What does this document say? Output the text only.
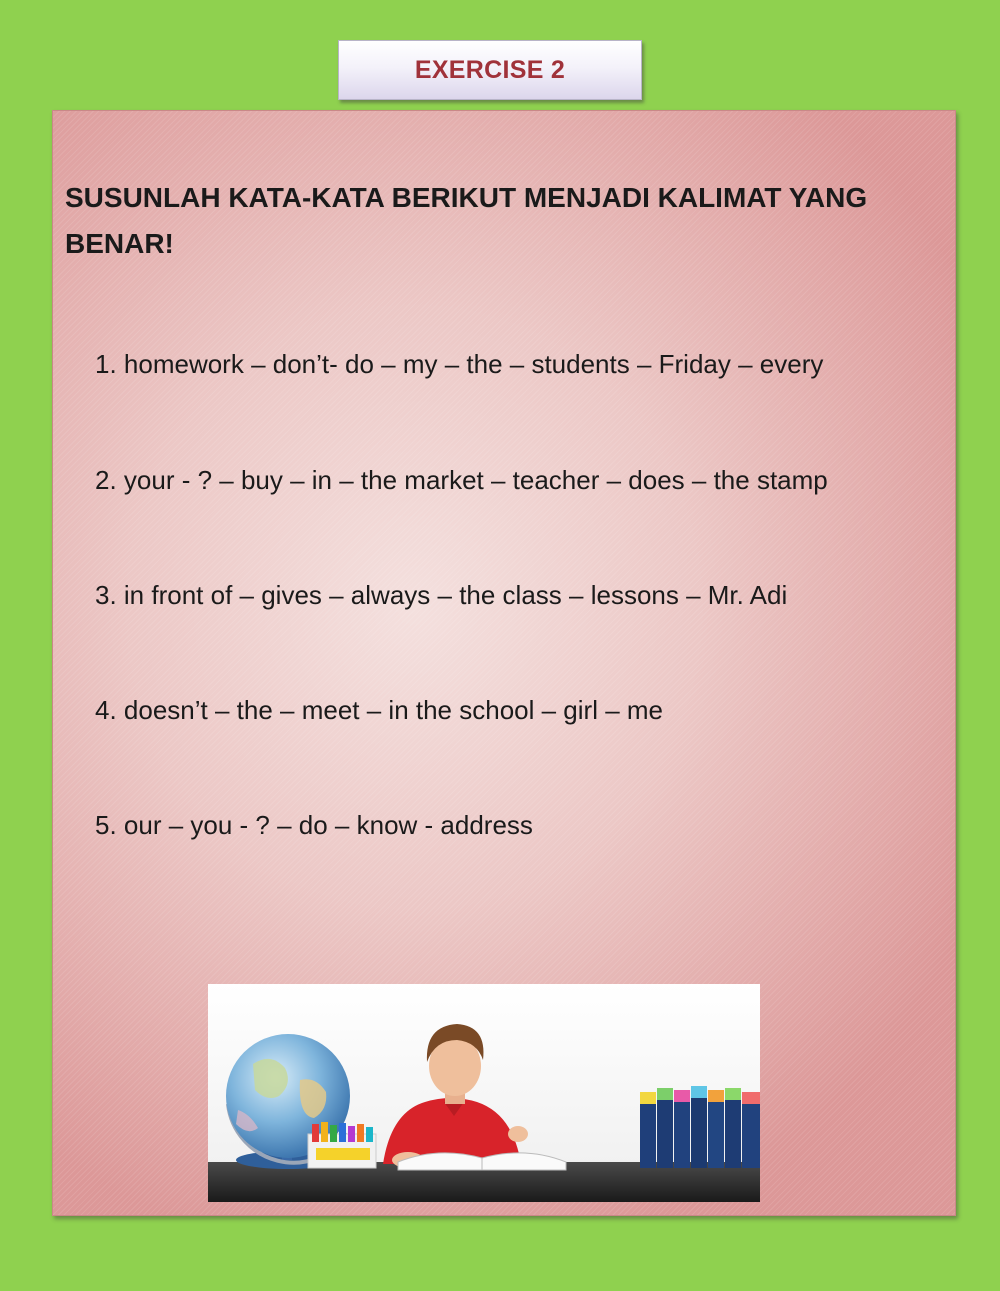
EXERCISE 2

SUSUNLAH KATA-KATA BERIKUT MENJADI KALIMAT YANG BENAR!

1. homework – don’t- do – my – the – students – Friday – every

2. your - ? – buy – in – the market – teacher – does – the stamp

3. in front of – gives – always – the class – lessons – Mr. Adi

4. doesn’t – the – meet – in the school – girl – me

5. our – you - ? – do – know - address
